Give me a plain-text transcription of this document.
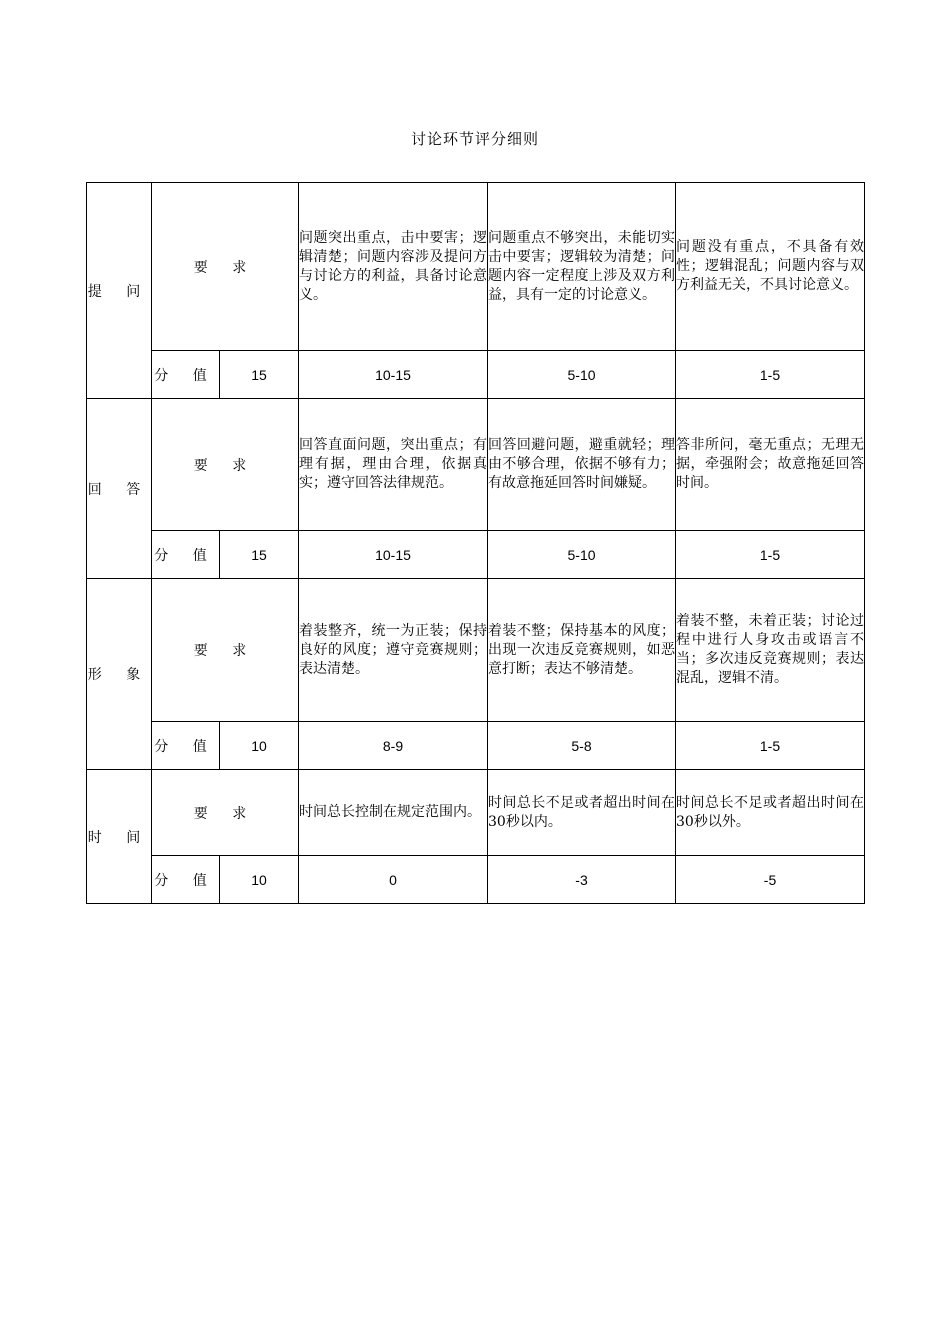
讨论环节评分细则
提 问	要 求		问题突出重点，击中要害；逻辑清楚；问题内容涉及提问方与讨论方的利益，具备讨论意义。	问题重点不够突出，未能切实击中要害；逻辑较为清楚；问题内容一定程度上涉及双方利益，具有一定的讨论意义。	问题没有重点，不具备有效性；逻辑混乱；问题内容与双方利益无关，不具讨论意义。
	分 值	15	10-15	5-10	1-5
回 答	要 求		回答直面问题，突出重点；有理有据，理由合理，依据真实；遵守回答法律规范。	回答回避问题，避重就轻；理由不够合理，依据不够有力；有故意拖延回答时间嫌疑。	答非所问，毫无重点；无理无据，牵强附会；故意拖延回答时间。
	分 值	15	10-15	5-10	1-5
形 象	要 求		着装整齐，统一为正装；保持良好的风度；遵守竞赛规则；表达清楚。	着装不整；保持基本的风度；出现一次违反竞赛规则，如恶意打断；表达不够清楚。	着装不整，未着正装；讨论过程中进行人身攻击或语言不当；多次违反竞赛规则；表达混乱，逻辑不清。
	分 值	10	8-9	5-8	1-5
时 间	要 求		时间总长控制在规定范围内。	时间总长不足或者超出时间在30秒以内。	时间总长不足或者超出时间在30秒以外。
	分 值	10	0	-3	-5
